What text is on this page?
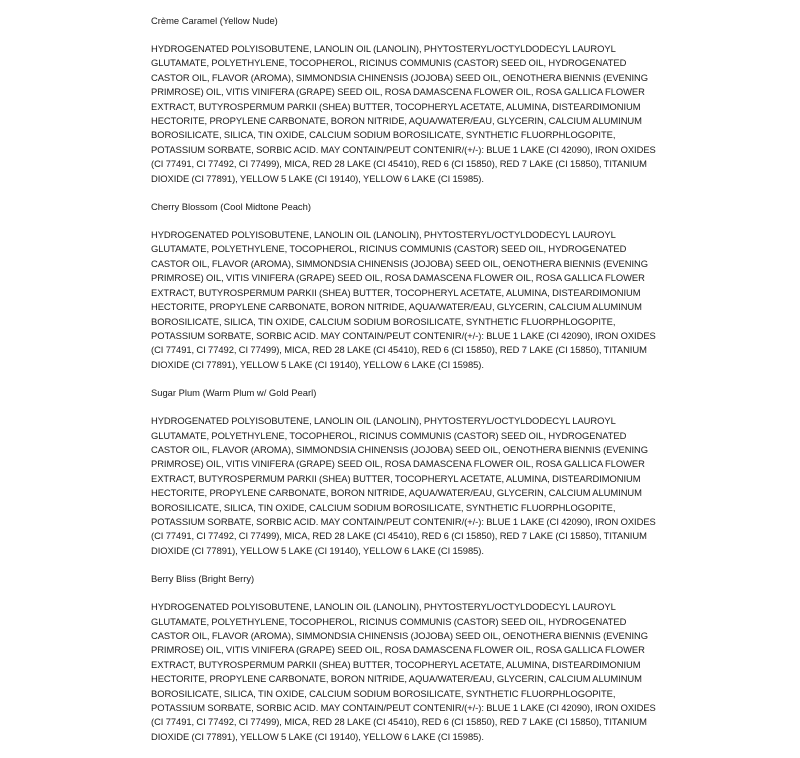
Crème Caramel (Yellow Nude)

HYDROGENATED POLYISOBUTENE, LANOLIN OIL (LANOLIN), PHYTOSTERYL/OCTYLDODECYL LAUROYL GLUTAMATE, POLYETHYLENE, TOCOPHEROL, RICINUS COMMUNIS (CASTOR) SEED OIL, HYDROGENATED CASTOR OIL, FLAVOR (AROMA), SIMMONDSIA CHINENSIS (JOJOBA) SEED OIL, OENOTHERA BIENNIS (EVENING PRIMROSE) OIL, VITIS VINIFERA (GRAPE) SEED OIL, ROSA DAMASCENA FLOWER OIL, ROSA GALLICA FLOWER EXTRACT, BUTYROSPERMUM PARKII (SHEA) BUTTER, TOCOPHERYL ACETATE, ALUMINA, DISTEARDIMONIUM HECTORITE, PROPYLENE CARBONATE, BORON NITRIDE, AQUA/WATER/EAU, GLYCERIN, CALCIUM ALUMINUM BOROSILICATE, SILICA, TIN OXIDE, CALCIUM SODIUM BOROSILICATE, SYNTHETIC FLUORPHLOGOPITE, POTASSIUM SORBATE, SORBIC ACID. MAY CONTAIN/PEUT CONTENIR/(+/-): BLUE 1 LAKE (CI 42090), IRON OXIDES (CI 77491, CI 77492, CI 77499), MICA, RED 28 LAKE (CI 45410), RED 6 (CI 15850), RED 7 LAKE (CI 15850), TITANIUM DIOXIDE (CI 77891), YELLOW 5 LAKE (CI 19140), YELLOW 6 LAKE (CI 15985).

Cherry Blossom (Cool Midtone Peach)

HYDROGENATED POLYISOBUTENE, LANOLIN OIL (LANOLIN), PHYTOSTERYL/OCTYLDODECYL LAUROYL GLUTAMATE, POLYETHYLENE, TOCOPHEROL, RICINUS COMMUNIS (CASTOR) SEED OIL, HYDROGENATED CASTOR OIL, FLAVOR (AROMA), SIMMONDSIA CHINENSIS (JOJOBA) SEED OIL, OENOTHERA BIENNIS (EVENING PRIMROSE) OIL, VITIS VINIFERA (GRAPE) SEED OIL, ROSA DAMASCENA FLOWER OIL, ROSA GALLICA FLOWER EXTRACT, BUTYROSPERMUM PARKII (SHEA) BUTTER, TOCOPHERYL ACETATE, ALUMINA, DISTEARDIMONIUM HECTORITE, PROPYLENE CARBONATE, BORON NITRIDE, AQUA/WATER/EAU, GLYCERIN, CALCIUM ALUMINUM BOROSILICATE, SILICA, TIN OXIDE, CALCIUM SODIUM BOROSILICATE, SYNTHETIC FLUORPHLOGOPITE, POTASSIUM SORBATE, SORBIC ACID. MAY CONTAIN/PEUT CONTENIR/(+/-): BLUE 1 LAKE (CI 42090), IRON OXIDES (CI 77491, CI 77492, CI 77499), MICA, RED 28 LAKE (CI 45410), RED 6 (CI 15850), RED 7 LAKE (CI 15850), TITANIUM DIOXIDE (CI 77891), YELLOW 5 LAKE (CI 19140), YELLOW 6 LAKE (CI 15985).

Sugar Plum (Warm Plum w/ Gold Pearl)

HYDROGENATED POLYISOBUTENE, LANOLIN OIL (LANOLIN), PHYTOSTERYL/OCTYLDODECYL LAUROYL GLUTAMATE, POLYETHYLENE, TOCOPHEROL, RICINUS COMMUNIS (CASTOR) SEED OIL, HYDROGENATED CASTOR OIL, FLAVOR (AROMA), SIMMONDSIA CHINENSIS (JOJOBA) SEED OIL, OENOTHERA BIENNIS (EVENING PRIMROSE) OIL, VITIS VINIFERA (GRAPE) SEED OIL, ROSA DAMASCENA FLOWER OIL, ROSA GALLICA FLOWER EXTRACT, BUTYROSPERMUM PARKII (SHEA) BUTTER, TOCOPHERYL ACETATE, ALUMINA, DISTEARDIMONIUM HECTORITE, PROPYLENE CARBONATE, BORON NITRIDE, AQUA/WATER/EAU, GLYCERIN, CALCIUM ALUMINUM BOROSILICATE, SILICA, TIN OXIDE, CALCIUM SODIUM BOROSILICATE, SYNTHETIC FLUORPHLOGOPITE, POTASSIUM SORBATE, SORBIC ACID. MAY CONTAIN/PEUT CONTENIR/(+/-): BLUE 1 LAKE (CI 42090), IRON OXIDES (CI 77491, CI 77492, CI 77499), MICA, RED 28 LAKE (CI 45410), RED 6 (CI 15850), RED 7 LAKE (CI 15850), TITANIUM DIOXIDE (CI 77891), YELLOW 5 LAKE (CI 19140), YELLOW 6 LAKE (CI 15985).

Berry Bliss (Bright Berry)

HYDROGENATED POLYISOBUTENE, LANOLIN OIL (LANOLIN), PHYTOSTERYL/OCTYLDODECYL LAUROYL GLUTAMATE, POLYETHYLENE, TOCOPHEROL, RICINUS COMMUNIS (CASTOR) SEED OIL, HYDROGENATED CASTOR OIL, FLAVOR (AROMA), SIMMONDSIA CHINENSIS (JOJOBA) SEED OIL, OENOTHERA BIENNIS (EVENING PRIMROSE) OIL, VITIS VINIFERA (GRAPE) SEED OIL, ROSA DAMASCENA FLOWER OIL, ROSA GALLICA FLOWER EXTRACT, BUTYROSPERMUM PARKII (SHEA) BUTTER, TOCOPHERYL ACETATE, ALUMINA, DISTEARDIMONIUM HECTORITE, PROPYLENE CARBONATE, BORON NITRIDE, AQUA/WATER/EAU, GLYCERIN, CALCIUM ALUMINUM BOROSILICATE, SILICA, TIN OXIDE, CALCIUM SODIUM BOROSILICATE, SYNTHETIC FLUORPHLOGOPITE, POTASSIUM SORBATE, SORBIC ACID. MAY CONTAIN/PEUT CONTENIR/(+/-): BLUE 1 LAKE (CI 42090), IRON OXIDES (CI 77491, CI 77492, CI 77499), MICA, RED 28 LAKE (CI 45410), RED 6 (CI 15850), RED 7 LAKE (CI 15850), TITANIUM DIOXIDE (CI 77891), YELLOW 5 LAKE (CI 19140), YELLOW 6 LAKE (CI 15985).
